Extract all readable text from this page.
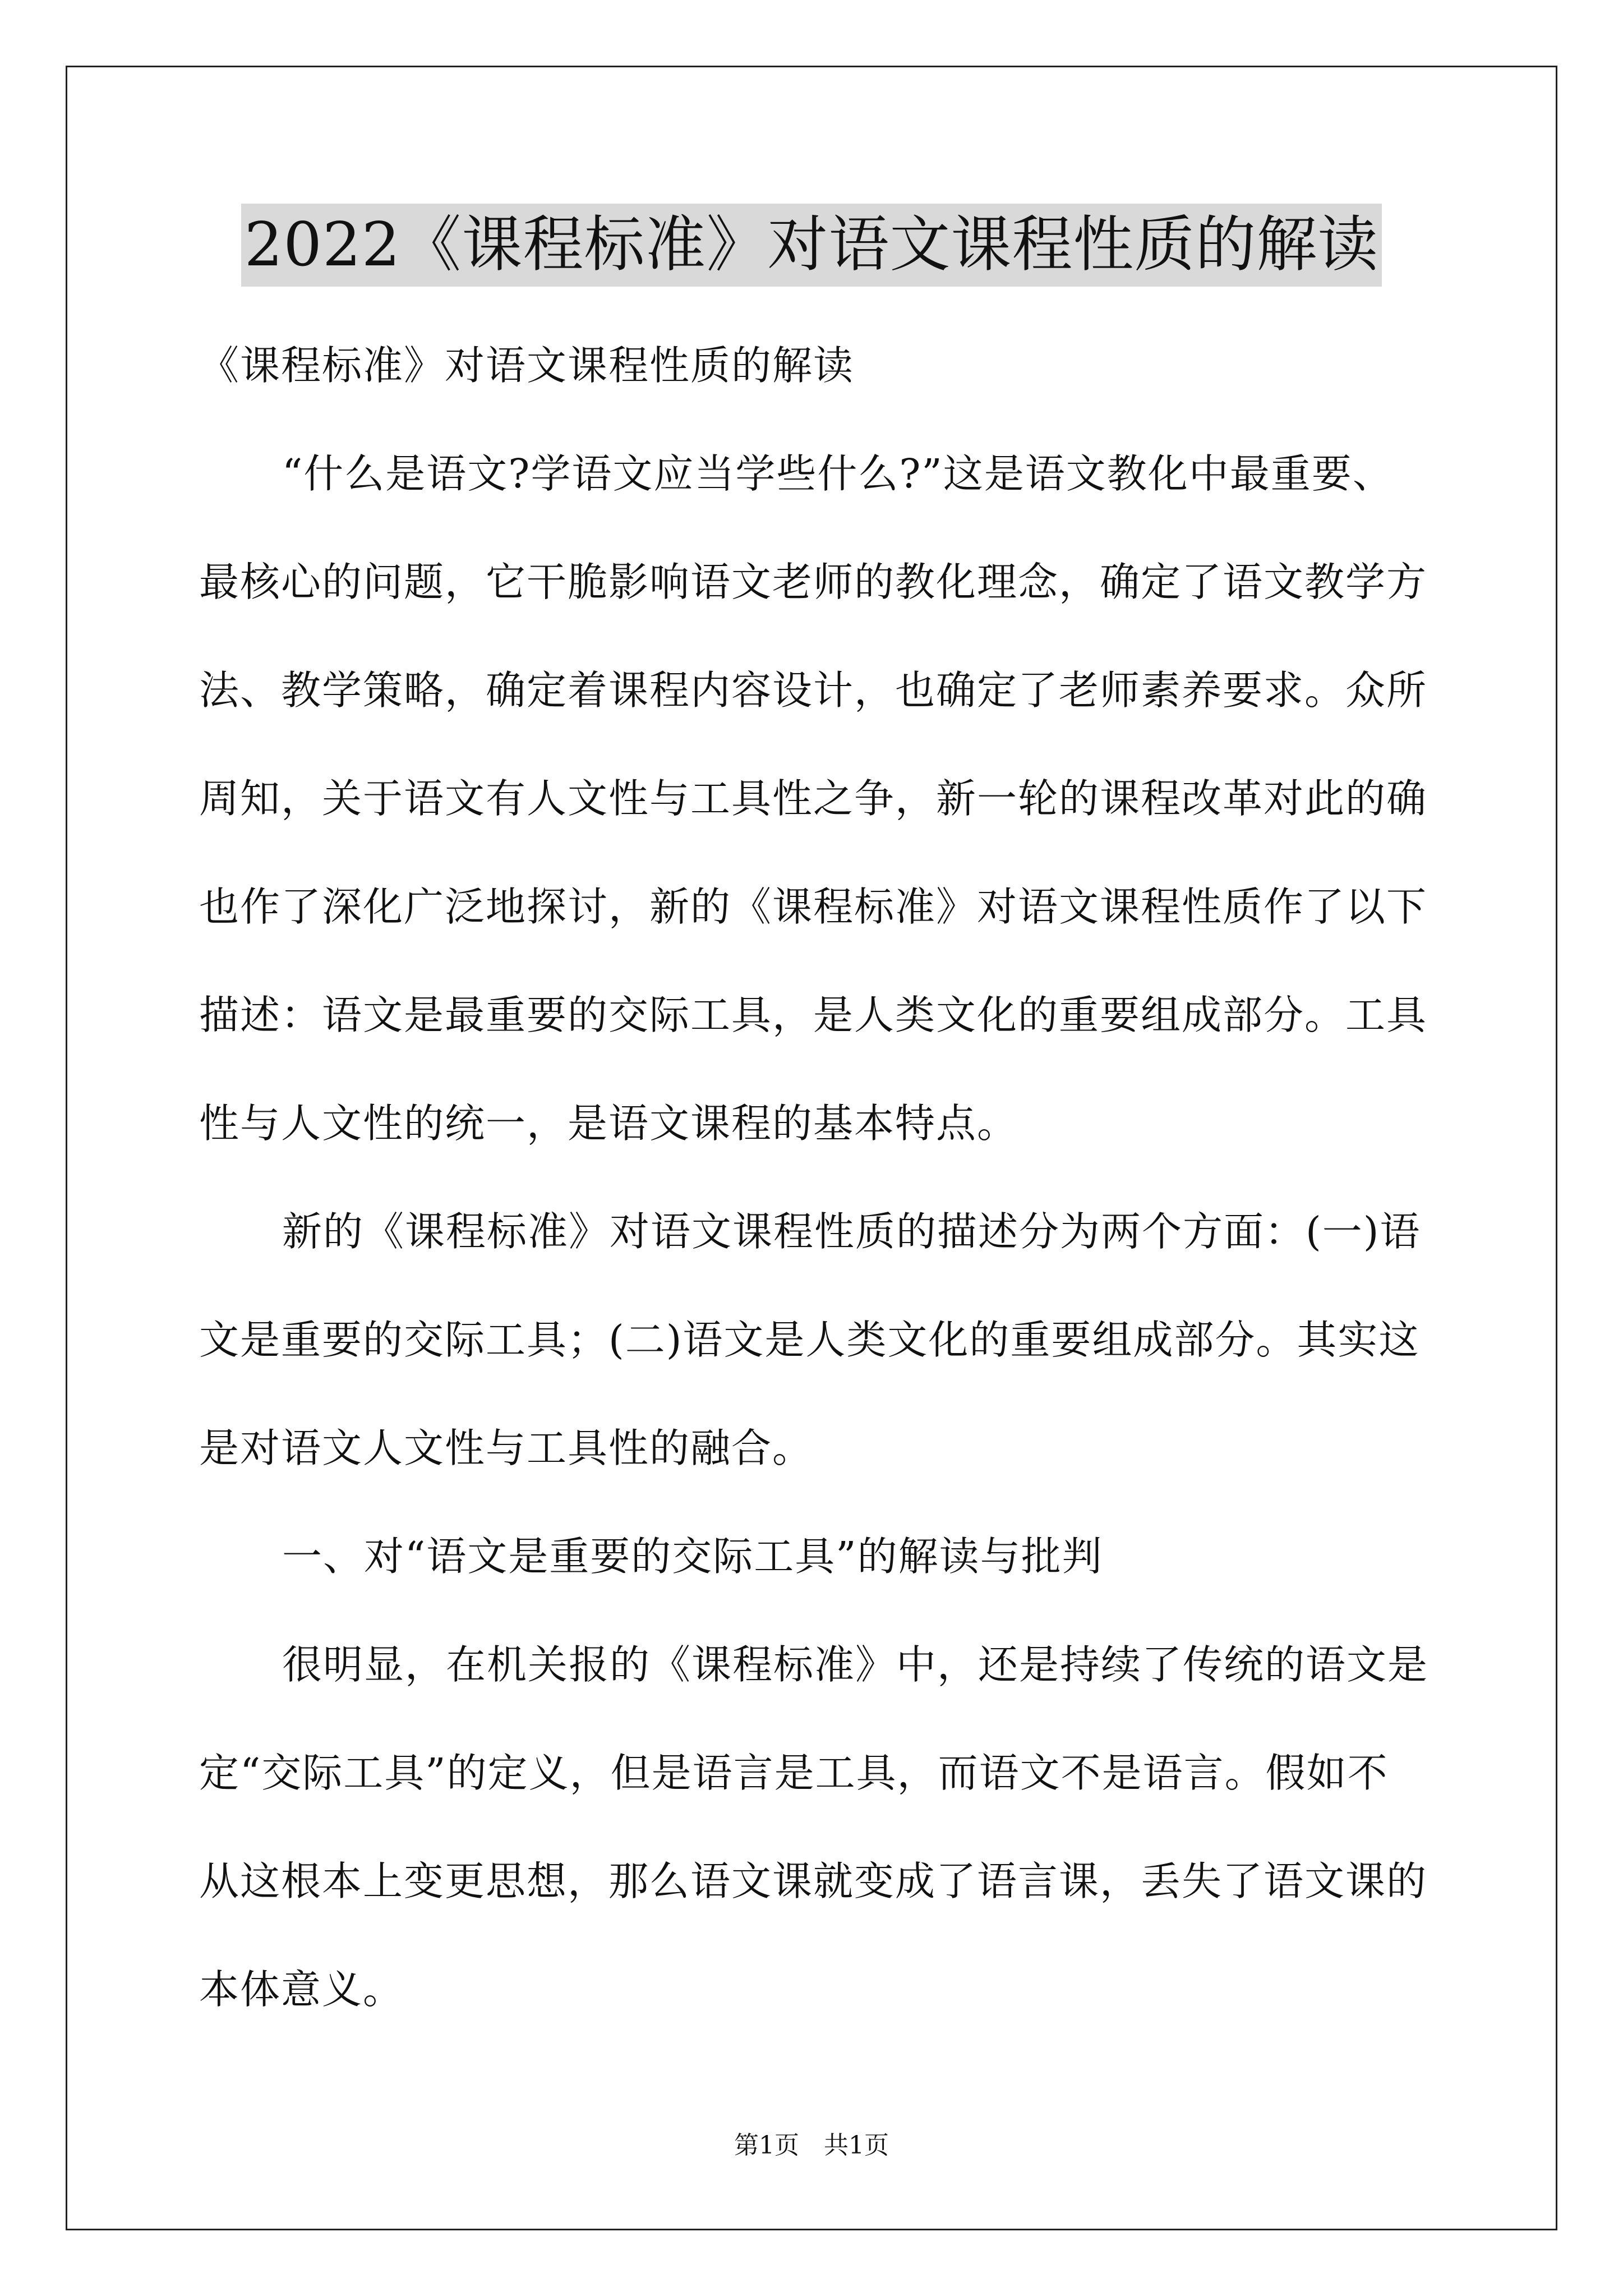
2022《课程标准》对语文课程性质的解读
《课程标准》对语文课程性质的解读
“什么是语文?学语文应当学些什么?”这是语文教化中最重要、
最核心的问题，它干脆影响语文老师的教化理念，确定了语文教学方
法、教学策略，确定着课程内容设计，也确定了老师素养要求。众所
周知，关于语文有人文性与工具性之争，新一轮的课程改革对此的确
也作了深化广泛地探讨，新的《课程标准》对语文课程性质作了以下
描述：语文是最重要的交际工具，是人类文化的重要组成部分。工具
性与人文性的统一，是语文课程的基本特点。
新的《课程标准》对语文课程性质的描述分为两个方面：(一)语
文是重要的交际工具；(二)语文是人类文化的重要组成部分。其实这
是对语文人文性与工具性的融合。
一、对“语文是重要的交际工具”的解读与批判
很明显，在机关报的《课程标准》中，还是持续了传统的语文是
定“交际工具”的定义，但是语言是工具，而语文不是语言。假如不
从这根本上变更思想，那么语文课就变成了语言课，丢失了语文课的
本体意义。
第1页　共1页
